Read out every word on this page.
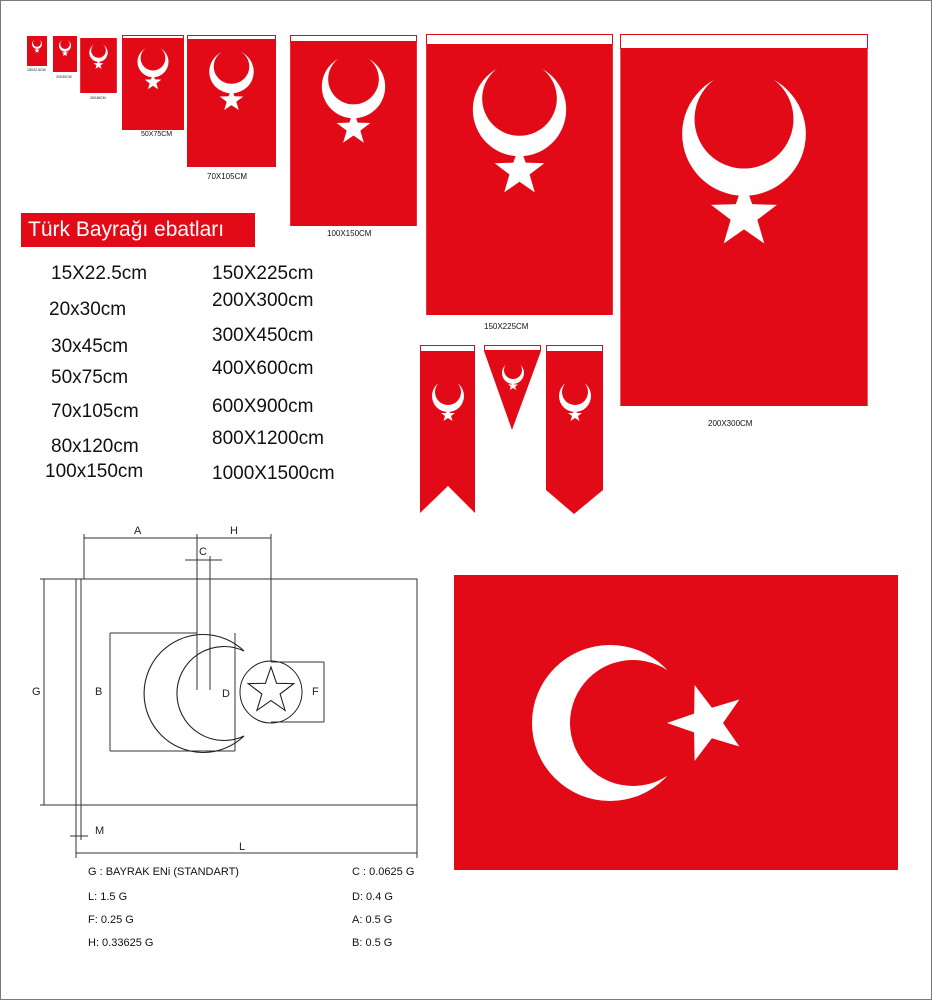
15X22.5CM
20X30CM
30X45CM
50X75CM
70X105CM
100X150CM
150X225CM
200X300CM
Türk Bayrağı ebatları
15X22.5cm
20x30cm
30x45cm
50x75cm
70x105cm
80x120cm
100x150cm
150X225cm
200X300cm
300X450cm
400X600cm
600X900cm
800X1200cm
1000X1500cm
A	H
C
B	D	F
G
M
L
G : BAYRAK ENi (STANDART)
L: 1.5 G
F: 0.25 G
H: 0.33625 G
C : 0.0625 G
D: 0.4 G
A: 0.5 G
B: 0.5 G
